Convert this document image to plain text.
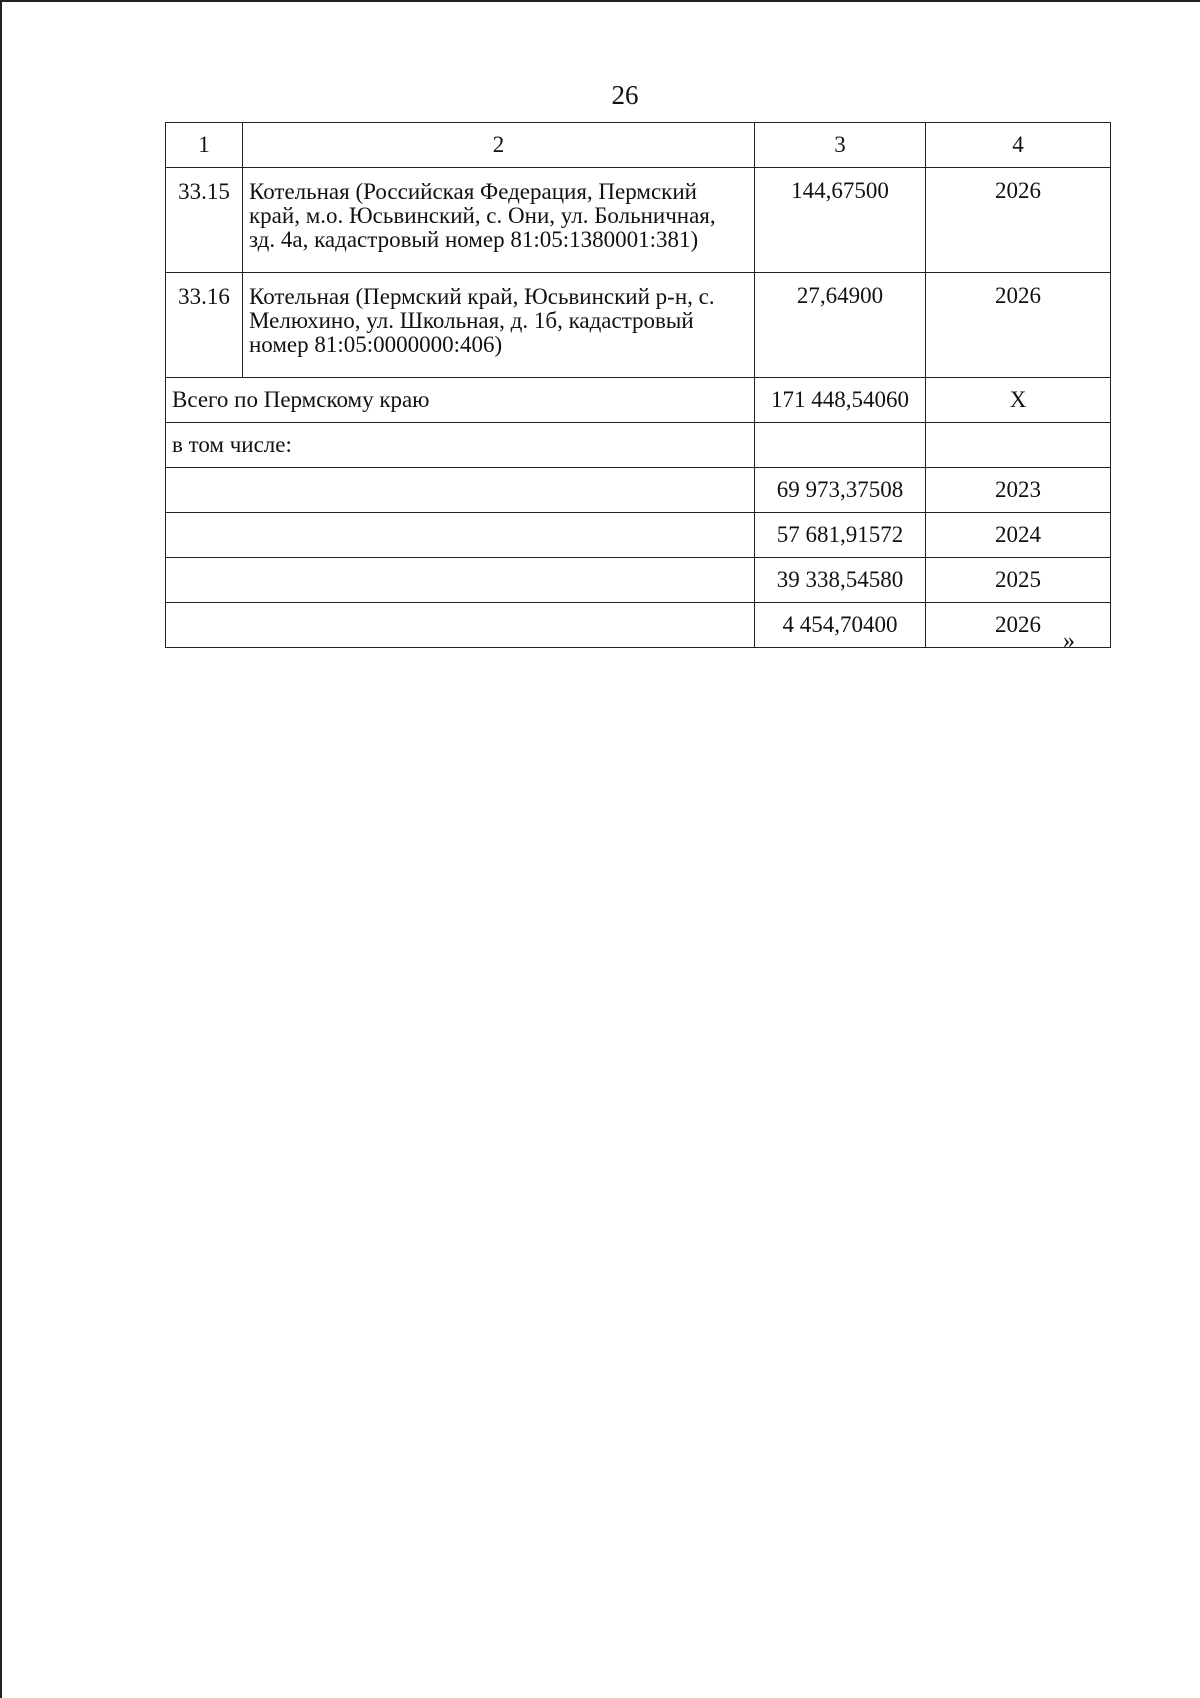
26
1	2	3	4
33.15	Котельная (Российская Федерация, Пермский край, м.о. Юсьвинский, с. Они, ул. Больничная, зд. 4а, кадастровый номер 81:05:1380001:381)	144,67500	2026
33.16	Котельная (Пермский край, Юсьвинский р-н, с. Мелюхино, ул. Школьная, д. 1б, кадастровый номер 81:05:0000000:406)	27,64900	2026
Всего по Пермскому краю		171 448,54060	Х
в том числе:			
		69 973,37508	2023
		57 681,91572	2024
		39 338,54580	2025
		4 454,70400	2026
»
